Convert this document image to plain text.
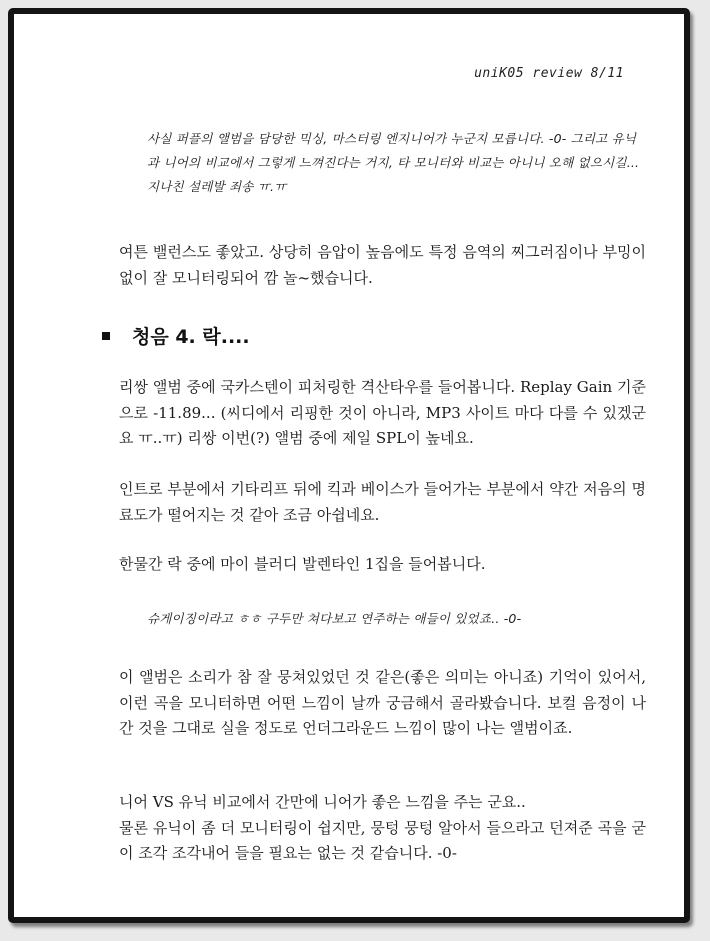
uniK05 review 8/11
사실 퍼플의 앨범을 담당한 믹싱, 마스터링 엔지니어가 누군지 모릅니다. -0- 그리고 유닉과 니어의 비교에서 그렇게 느껴진다는 거지, 타 모니터와 비교는 아니니 오해 없으시길... 지나친 설레발 죄송 ㅠ.ㅠ
여튼 밸런스도 좋았고. 상당히 음압이 높음에도 특정 음역의 찌그러짐이나 부밍이 없이 잘 모니터링되어 깜 놀~했습니다.
청음 4. 락....
리쌍 앨범 중에 국카스텐이 피처링한 격산타우를 들어봅니다. Replay Gain 기준으로 -11.89... (씨디에서 리핑한 것이 아니라, MP3 사이트 마다 다를 수 있겠군요 ㅠ..ㅠ) 리쌍 이번(?) 앨범 중에 제일 SPL이 높네요.
인트로 부분에서 기타리프 뒤에 킥과 베이스가 들어가는 부분에서 약간 저음의 명료도가 떨어지는 것 같아 조금 아쉽네요.
한물간 락 중에 마이 블러디 발렌타인 1집을 들어봅니다.
슈게이징이라고 ㅎㅎ 구두만 쳐다보고 연주하는 애들이 있었죠.. -0-
이 앨범은 소리가 참 잘 뭉쳐있었던 것 같은(좋은 의미는 아니죠) 기억이 있어서, 이런 곡을 모니터하면 어떤 느낌이 날까 궁금해서 골라봤습니다. 보컬 음정이 나간 것을 그대로 실을 정도로 언더그라운드 느낌이 많이 나는 앨범이죠.
니어 VS 유닉 비교에서 간만에 니어가 좋은 느낌을 주는 군요..
물론 유닉이 좀 더 모니터링이 쉽지만, 뭉텅 뭉텅 알아서 들으라고 던져준 곡을 굳이 조각 조각내어 들을 필요는 없는 것 같습니다. -0-
